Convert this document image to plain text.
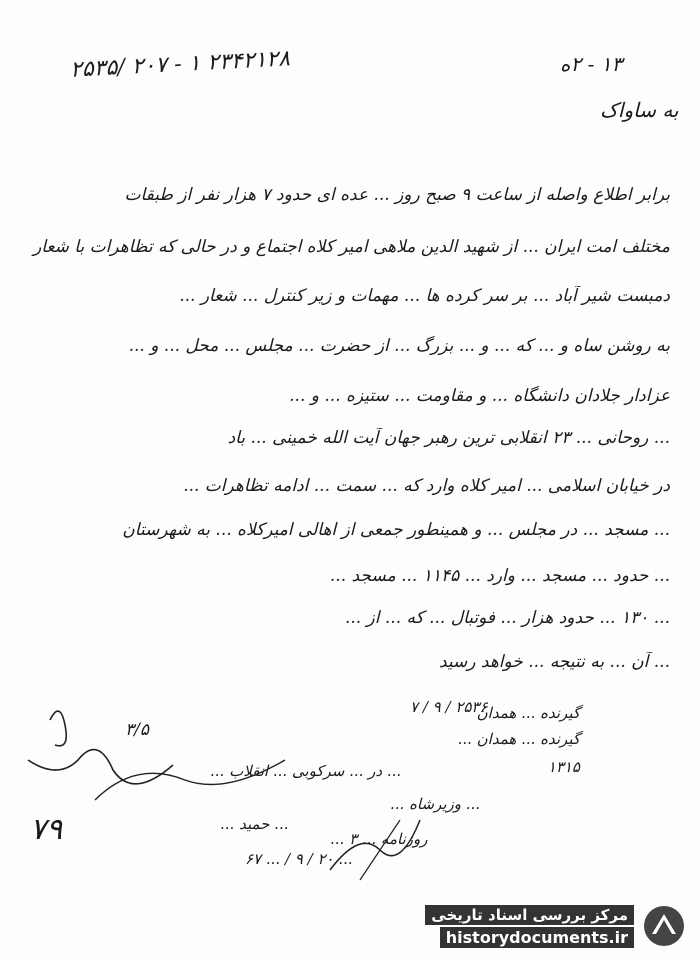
۲۳۴۲۱۲۸ ۱ - ۲۰۷ /۲۵۳۵	۱۳ - ۲ه
به ساواک
برابر اطلاع واصله از ساعت ۹ صبح روز ... عده ای حدود ۷ هزار نفر از طبقات
مختلف امت ایران ... از شهید الدین ملاهی امیر کلاه اجتماع و در حالی که تظاهرات با شعار
دمبست شیر آباد ... بر سر کرده ها ... مهمات و زیر کنترل ... شعار ...
به روشن ساه و ... که ... و ... بزرگ ... از حضرت ... مجلس ... محل ... و ...
عزادار جلادان دانشگاه ... و مقاومت ... ستیزه ... و ...
... روحانی ... ۲۳ انقلابی ترین رهبر جهان آیت الله خمینی ... باد
در خیابان اسلامی ... امیر کلاه وارد که ... سمت ... ادامه تظاهرات ...
... مسجد ... در مجلس ... و همینطور جمعی از اهالی امیرکلاه ... به شهرستان
... حدود ... مسجد ... وارد ... ۱۱۴۵ ... مسجد ...
... ۱۳۰ ... حدود هزار ... فوتبال ... که ... از ...
... آن ... به نتیجه ... خواهد رسید
۲۵۳۶ / ۹ / ۷
۳/۵
گیرنده ... همدان
گیرنده ... همدان ...
۱۳۱۵
... در ... سرکوبی ... انقلاب ...
... وزیرشاه ...
روزنامه ... ۳ ...
... حمید ...
... ۲۰ / ۹ / ... ۶۷
۷۹
مرکز بررسی اسناد تاریخی
historydocuments.ir
